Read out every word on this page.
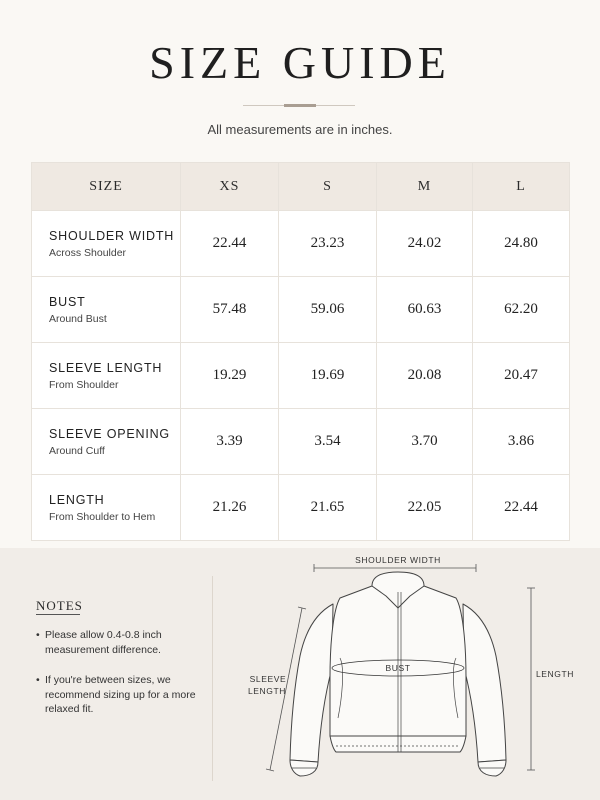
SIZE GUIDE
All measurements are in inches.
SIZE	XS	S	M	L

SHOULDER WIDTH
Across Shoulder	22.44	23.23	24.02	24.80

BUST
Around Bust	57.48	59.06	60.63	62.20

SLEEVE LENGTH
From Shoulder	19.29	19.69	20.08	20.47

SLEEVE OPENING
Around Cuff	3.39	3.54	3.70	3.86

LENGTH
From Shoulder to Hem	21.26	21.65	22.05	22.44
NOTES
• Please allow 0.4-0.8 inch measurement difference.
• If you're between sizes, we recommend sizing up for a more relaxed fit.
SHOULDER WIDTH
BUST
SLEEVE
LENGTH
LENGTH
